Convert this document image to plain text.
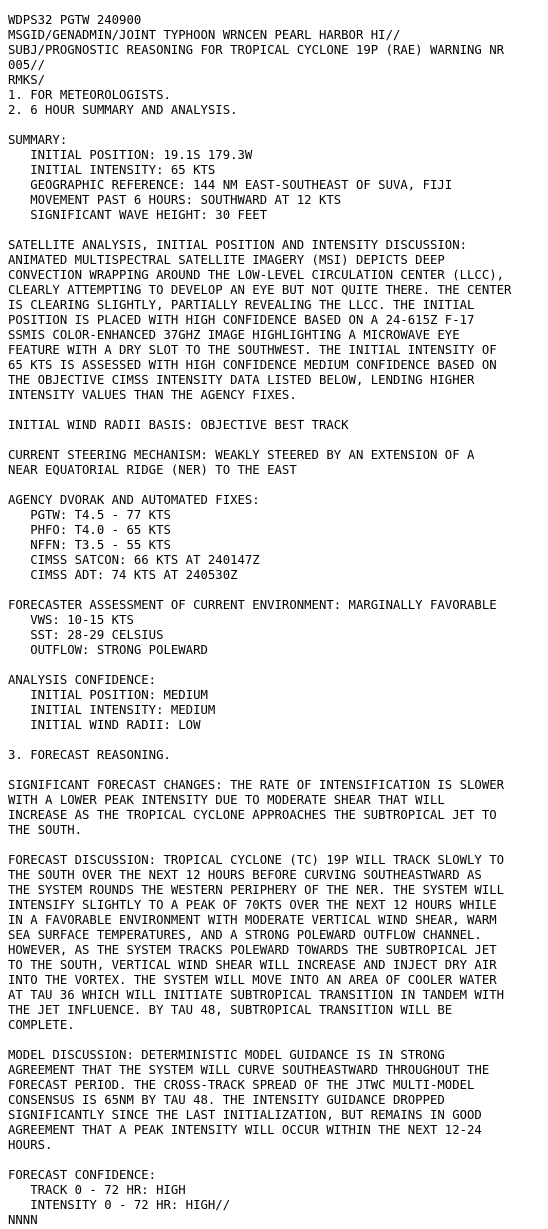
WDPS32 PGTW 240900
MSGID/GENADMIN/JOINT TYPHOON WRNCEN PEARL HARBOR HI//
SUBJ/PROGNOSTIC REASONING FOR TROPICAL CYCLONE 19P (RAE) WARNING NR
005//
RMKS/
1. FOR METEOROLOGISTS.
2. 6 HOUR SUMMARY AND ANALYSIS.
SUMMARY:
INITIAL POSITION: 19.1S 179.3W
INITIAL INTENSITY: 65 KTS
GEOGRAPHIC REFERENCE: 144 NM EAST-SOUTHEAST OF SUVA, FIJI
MOVEMENT PAST 6 HOURS: SOUTHWARD AT 12 KTS
SIGNIFICANT WAVE HEIGHT: 30 FEET
SATELLITE ANALYSIS, INITIAL POSITION AND INTENSITY DISCUSSION:
ANIMATED MULTISPECTRAL SATELLITE IMAGERY (MSI) DEPICTS DEEP
CONVECTION WRAPPING AROUND THE LOW-LEVEL CIRCULATION CENTER (LLCC),
CLEARLY ATTEMPTING TO DEVELOP AN EYE BUT NOT QUITE THERE. THE CENTER
IS CLEARING SLIGHTLY, PARTIALLY REVEALING THE LLCC. THE INITIAL
POSITION IS PLACED WITH HIGH CONFIDENCE BASED ON A 24-615Z F-17
SSMIS COLOR-ENHANCED 37GHZ IMAGE HIGHLIGHTING A MICROWAVE EYE
FEATURE WITH A DRY SLOT TO THE SOUTHWEST. THE INITIAL INTENSITY OF
65 KTS IS ASSESSED WITH HIGH CONFIDENCE MEDIUM CONFIDENCE BASED ON
THE OBJECTIVE CIMSS INTENSITY DATA LISTED BELOW, LENDING HIGHER
INTENSITY VALUES THAN THE AGENCY FIXES.
INITIAL WIND RADII BASIS: OBJECTIVE BEST TRACK
CURRENT STEERING MECHANISM: WEAKLY STEERED BY AN EXTENSION OF A
NEAR EQUATORIAL RIDGE (NER) TO THE EAST
AGENCY DVORAK AND AUTOMATED FIXES:
PGTW: T4.5 - 77 KTS
PHFO: T4.0 - 65 KTS
NFFN: T3.5 - 55 KTS
CIMSS SATCON: 66 KTS AT 240147Z
CIMSS ADT: 74 KTS AT 240530Z
FORECASTER ASSESSMENT OF CURRENT ENVIRONMENT: MARGINALLY FAVORABLE
VWS: 10-15 KTS
SST: 28-29 CELSIUS
OUTFLOW: STRONG POLEWARD
ANALYSIS CONFIDENCE:
INITIAL POSITION: MEDIUM
INITIAL INTENSITY: MEDIUM
INITIAL WIND RADII: LOW
3. FORECAST REASONING.
SIGNIFICANT FORECAST CHANGES: THE RATE OF INTENSIFICATION IS SLOWER
WITH A LOWER PEAK INTENSITY DUE TO MODERATE SHEAR THAT WILL
INCREASE AS THE TROPICAL CYCLONE APPROACHES THE SUBTROPICAL JET TO
THE SOUTH.
FORECAST DISCUSSION: TROPICAL CYCLONE (TC) 19P WILL TRACK SLOWLY TO
THE SOUTH OVER THE NEXT 12 HOURS BEFORE CURVING SOUTHEASTWARD AS
THE SYSTEM ROUNDS THE WESTERN PERIPHERY OF THE NER. THE SYSTEM WILL
INTENSIFY SLIGHTLY TO A PEAK OF 70KTS OVER THE NEXT 12 HOURS WHILE
IN A FAVORABLE ENVIRONMENT WITH MODERATE VERTICAL WIND SHEAR, WARM
SEA SURFACE TEMPERATURES, AND A STRONG POLEWARD OUTFLOW CHANNEL.
HOWEVER, AS THE SYSTEM TRACKS POLEWARD TOWARDS THE SUBTROPICAL JET
TO THE SOUTH, VERTICAL WIND SHEAR WILL INCREASE AND INJECT DRY AIR
INTO THE VORTEX. THE SYSTEM WILL MOVE INTO AN AREA OF COOLER WATER
AT TAU 36 WHICH WILL INITIATE SUBTROPICAL TRANSITION IN TANDEM WITH
THE JET INFLUENCE. BY TAU 48, SUBTROPICAL TRANSITION WILL BE
COMPLETE.
MODEL DISCUSSION: DETERMINISTIC MODEL GUIDANCE IS IN STRONG
AGREEMENT THAT THE SYSTEM WILL CURVE SOUTHEASTWARD THROUGHOUT THE
FORECAST PERIOD. THE CROSS-TRACK SPREAD OF THE JTWC MULTI-MODEL
CONSENSUS IS 65NM BY TAU 48. THE INTENSITY GUIDANCE DROPPED
SIGNIFICANTLY SINCE THE LAST INITIALIZATION, BUT REMAINS IN GOOD
AGREEMENT THAT A PEAK INTENSITY WILL OCCUR WITHIN THE NEXT 12-24
HOURS.
FORECAST CONFIDENCE:
TRACK 0 - 72 HR: HIGH
INTENSITY 0 - 72 HR: HIGH//
NNNN
